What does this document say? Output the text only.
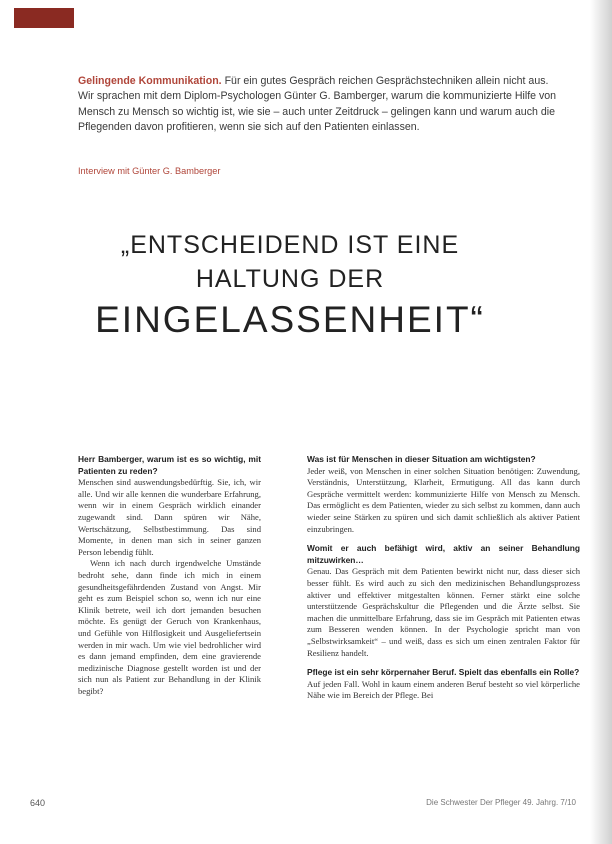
Gelingende Kommunikation. Für ein gutes Gespräch reichen Gesprächstechniken allein nicht aus. Wir sprachen mit dem Diplom-Psychologen Günter G. Bamberger, warum die kommunizierte Hilfe von Mensch zu Mensch so wichtig ist, wie sie – auch unter Zeitdruck – gelingen kann und warum auch die Pflegenden davon profitieren, wenn sie sich auf den Patienten einlassen.
Interview mit Günter G. Bamberger
„ENTSCHEIDEND IST EINE
HALTUNG DER
EINGELASSENHEIT“

Herr Bamberger, warum ist es so wichtig, mit Patienten zu reden?

Menschen sind auswendungsbedürftig. Sie, ich, wir alle. Und wir alle kennen die wunderbare Erfahrung, wenn wir in einem Gespräch wirklich einander zugewandt sind. Dann spüren wir Nähe, Wertschätzung, Selbstbestimmung. Das sind Momente, in denen man sich in seiner ganzen Person lebendig fühlt.

Wenn ich nach durch irgendwelche Umstände bedroht sehe, dann finde ich mich in einem gesundheitsgefährdenden Zustand von Angst. Mir geht es zum Beispiel schon so, wenn ich nur eine Klinik betrete, weil ich dort jemanden besuchen möchte. Es genügt der Geruch von Krankenhaus, und Gefühle von Hilflosigkeit und Ausgeliefertsein werden in mir wach. Um wie viel bedrohlicher wird es dann jemand empfinden, dem eine gravierende medizinische Diagnose gestellt worden ist und der sich nun als Patient zur Behandlung in der Klinik begibt?

Was ist für Menschen in dieser Situation am wichtigsten?

Jeder weiß, von Menschen in einer solchen Situation benötigen: Zuwendung, Verständnis, Unterstützung, Klarheit, Ermutigung. All das kann durch Gespräche vermittelt werden: kommunizierte Hilfe von Mensch zu Mensch. Das ermöglicht es dem Patienten, wieder zu sich selbst zu kommen, dann auch wieder seine Stärken zu spüren und sich damit schließlich als aktiver Patient einzubringen.

Womit er auch befähigt wird, aktiv an seiner Behandlung mitzuwirken…

Genau. Das Gespräch mit dem Patienten bewirkt nicht nur, dass dieser sich besser fühlt. Es wird auch zu sich den medizinischen Behandlungsprozess aktiver und effektiver mitgestalten können. Ferner stärkt eine solche unterstützende Gesprächskultur die Pflegenden und die Ärzte selbst. Sie machen die unmittelbare Erfahrung, dass sie im Gespräch mit Patienten etwas zum Besseren wenden können. In der Psychologie spricht man von „Selbstwirksamkeit“ – und weiß, dass es sich um einen zentralen Faktor für Resilienz handelt.

Pflege ist ein sehr körpernaher Beruf. Spielt das ebenfalls ein Rolle?

Auf jeden Fall. Wohl in kaum einem anderen Beruf besteht so viel körperliche Nähe wie im Bereich der Pflege. Bei

640	Die Schwester Der Pfleger 49. Jahrg. 7/10
